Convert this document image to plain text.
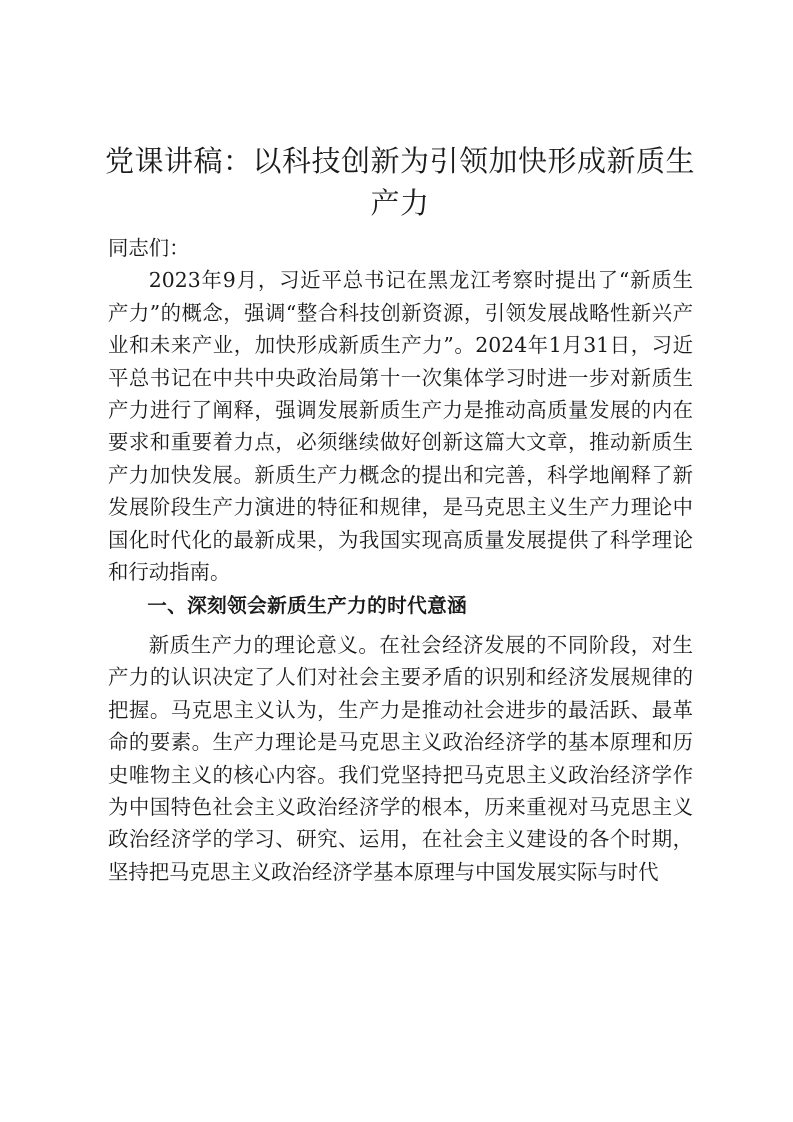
党课讲稿：以科技创新为引领加快形成新质生产力

同志们：

2023年9月，习近平总书记在黑龙江考察时提出了“新质生产力”的概念，强调“整合科技创新资源，引领发展战略性新兴产业和未来产业，加快形成新质生产力”。2024年1月31日，习近平总书记在中共中央政治局第十一次集体学习时进一步对新质生产力进行了阐释，强调发展新质生产力是推动高质量发展的内在要求和重要着力点，必须继续做好创新这篇大文章，推动新质生产力加快发展。新质生产力概念的提出和完善，科学地阐释了新发展阶段生产力演进的特征和规律，是马克思主义生产力理论中国化时代化的最新成果，为我国实现高质量发展提供了科学理论和行动指南。

一、深刻领会新质生产力的时代意涵

新质生产力的理论意义。在社会经济发展的不同阶段，对生产力的认识决定了人们对社会主要矛盾的识别和经济发展规律的把握。马克思主义认为，生产力是推动社会进步的最活跃、最革命的要素。生产力理论是马克思主义政治经济学的基本原理和历史唯物主义的核心内容。我们党坚持把马克思主义政治经济学作为中国特色社会主义政治经济学的根本，历来重视对马克思主义政治经济学的学习、研究、运用，在社会主义建设的各个时期，坚持把马克思主义政治经济学基本原理与中国发展实际与时代
